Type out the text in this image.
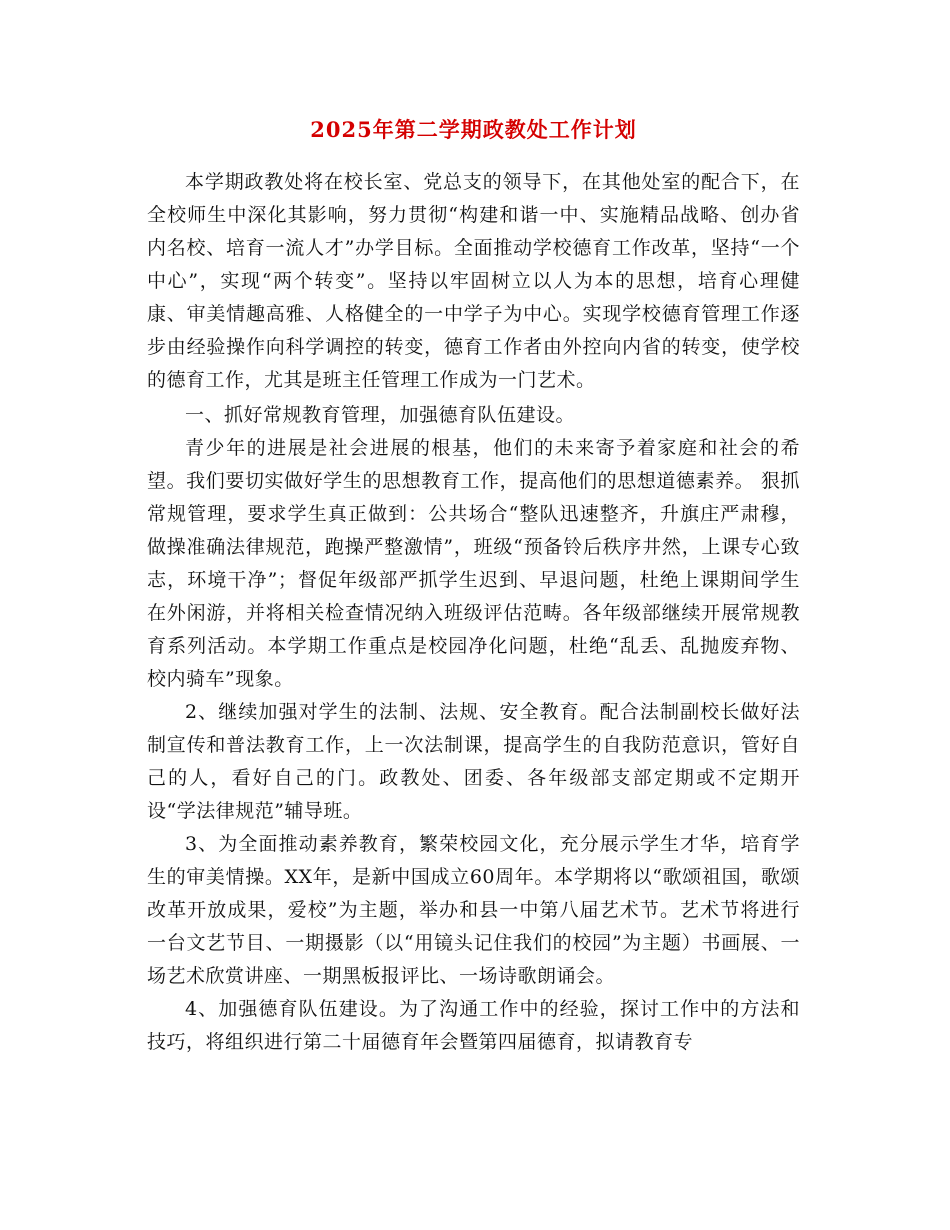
2025年第二学期政教处工作计划

本学期政教处将在校长室、党总支的领导下，在其他处室的配合下，在全校师生中深化其影响，努力贯彻“构建和谐一中、实施精品战略、创办省内名校、培育一流人才”办学目标。全面推动学校德育工作改革，坚持“一个中心”，实现“两个转变”。坚持以牢固树立以人为本的思想，培育心理健康、审美情趣高雅、人格健全的一中学子为中心。实现学校德育管理工作逐步由经验操作向科学调控的转变，德育工作者由外控向内省的转变，使学校的德育工作，尤其是班主任管理工作成为一门艺术。

一、抓好常规教育管理，加强德育队伍建设。

青少年的进展是社会进展的根基，他们的未来寄予着家庭和社会的希望。我们要切实做好学生的思想教育工作，提高他们的思想道德素养。 狠抓常规管理，要求学生真正做到：公共场合“整队迅速整齐，升旗庄严肃穆，做操准确法律规范，跑操严整激情”，班级“预备铃后秩序井然，上课专心致志，环境干净”；督促年级部严抓学生迟到、早退问题，杜绝上课期间学生在外闲游，并将相关检查情况纳入班级评估范畴。各年级部继续开展常规教育系列活动。本学期工作重点是校园净化问题，杜绝“乱丢、乱抛废弃物、校内骑车”现象。

2、继续加强对学生的法制、法规、安全教育。配合法制副校长做好法制宣传和普法教育工作，上一次法制课，提高学生的自我防范意识，管好自己的人，看好自己的门。政教处、团委、各年级部支部定期或不定期开设“学法律规范”辅导班。

3、为全面推动素养教育，繁荣校园文化，充分展示学生才华，培育学生的审美情操。XX年，是新中国成立60周年。本学期将以“歌颂祖国，歌颂改革开放成果，爱校”为主题，举办和县一中第八届艺术节。艺术节将进行一台文艺节目、一期摄影（以“用镜头记住我们的校园”为主题）书画展、一场艺术欣赏讲座、一期黑板报评比、一场诗歌朗诵会。

4、加强德育队伍建设。为了沟通工作中的经验，探讨工作中的方法和技巧，将组织进行第二十届德育年会暨第四届德育，拟请教育专
